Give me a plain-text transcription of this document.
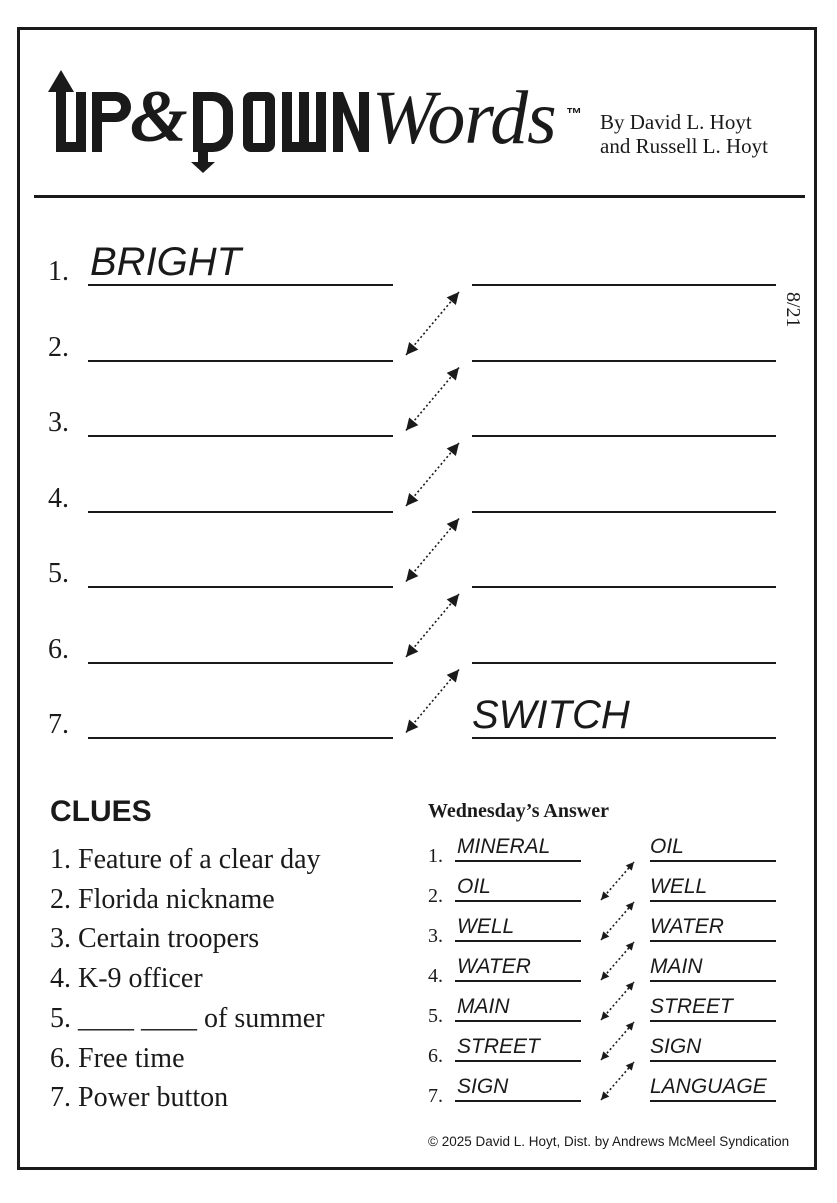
& Words ™ By David L. Hoyt
and Russell L. Hoyt
8/21
1. BRIGHT
2.
3.
4.
5.
6.
7.	SWITCH
CLUES
1. Feature of a clear day
2. Florida nickname
3. Certain troopers
4. K-9 officer
5. ____ ____ of summer
6. Free time
7. Power button
Wednesday’s Answer
1. MINERAL	OIL
2. OIL	WELL
3. WELL	WATER
4. WATER	MAIN
5. MAIN	STREET
6. STREET	SIGN
7. SIGN	LANGUAGE
© 2025 David L. Hoyt, Dist. by Andrews McMeel Syndication
